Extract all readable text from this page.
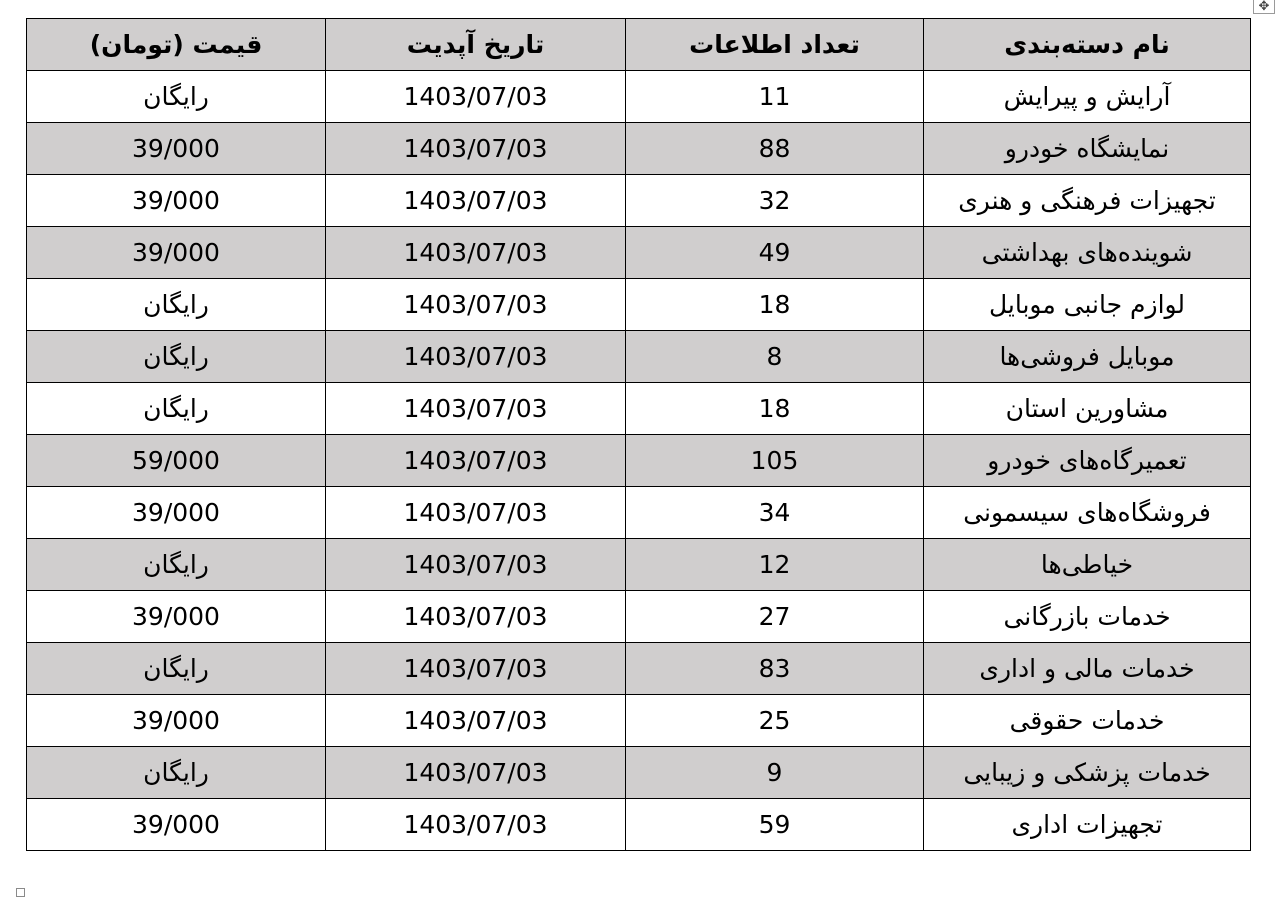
✥
نام دسته‌بندی	تعداد اطلاعات	تاریخ آپدیت	قیمت (تومان)
آرایش و پیرایش	11	1403/07/03	رایگان
نمایشگاه خودرو	88	1403/07/03	39/000
تجهیزات فرهنگی و هنری	32	1403/07/03	39/000
شوینده‌های بهداشتی	49	1403/07/03	39/000
لوازم جانبی موبایل	18	1403/07/03	رایگان
موبایل فروشی‌ها	8	1403/07/03	رایگان
مشاورین استان	18	1403/07/03	رایگان
تعمیرگاه‌های خودرو	105	1403/07/03	59/000
فروشگاه‌های سیسمونی	34	1403/07/03	39/000
خیاطی‌ها	12	1403/07/03	رایگان
خدمات بازرگانی	27	1403/07/03	39/000
خدمات مالی و اداری	83	1403/07/03	رایگان
خدمات حقوقی	25	1403/07/03	39/000
خدمات پزشکی و زیبایی	9	1403/07/03	رایگان
تجهیزات اداری	59	1403/07/03	39/000
